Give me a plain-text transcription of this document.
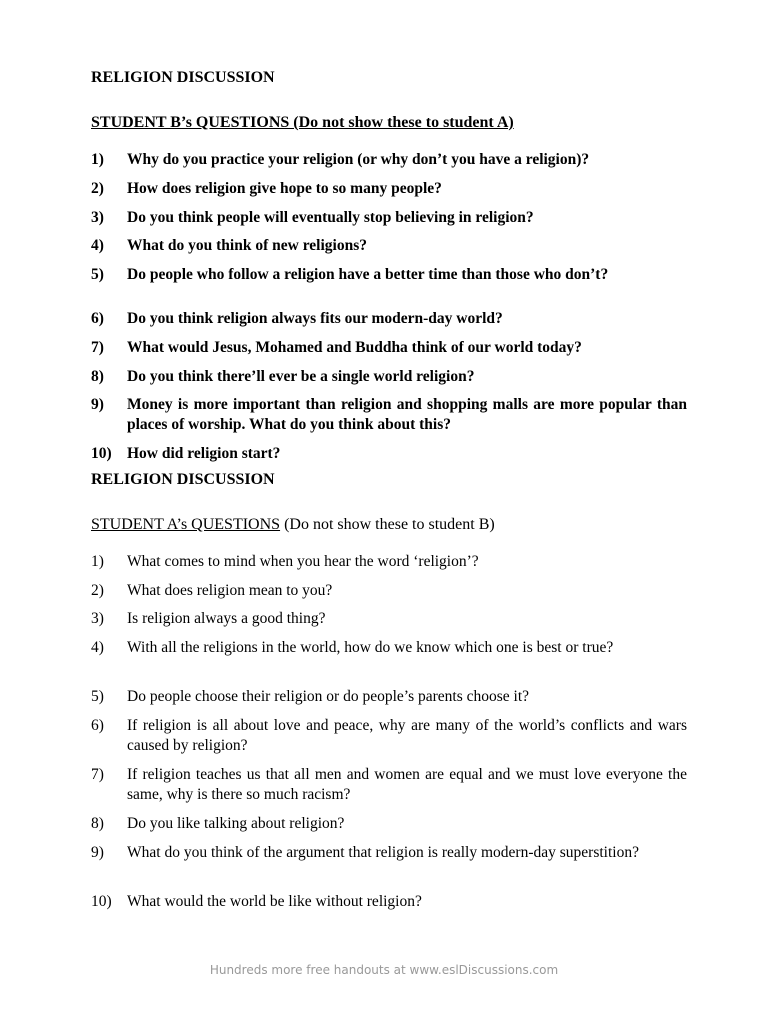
RELIGION DISCUSSION

STUDENT B’s QUESTIONS (Do not show these to student A)

1)	Why do you practice your religion (or why don’t you have a religion)?
2)	How does religion give hope to so many people?
3)	Do you think people will eventually stop believing in religion?
4)	What do you think of new religions?
5)	Do people who follow a religion have a better time than those who don’t?
6)	Do you think religion always fits our modern-day world?
7)	What would Jesus, Mohamed and Buddha think of our world today?
8)	Do you think there’ll ever be a single world religion?
9)	Money is more important than religion and shopping malls are more popular than places of worship. What do you think about this?
10) How did religion start?
RELIGION DISCUSSION

STUDENT A’s QUESTIONS (Do not show these to student B)

1)	What comes to mind when you hear the word ‘religion’?
2)	What does religion mean to you?
3)	Is religion always a good thing?
4)	With all the religions in the world, how do we know which one is best or true?
5)	Do people choose their religion or do people’s parents choose it?
6)	If religion is all about love and peace, why are many of the world’s conflicts and wars caused by religion?
7)	If religion teaches us that all men and women are equal and we must love everyone the same, why is there so much racism?
8)	Do you like talking about religion?
9)	What do you think of the argument that religion is really modern-day superstition?
10) What would the world be like without religion?
Hundreds more free handouts at www.eslDiscussions.com
